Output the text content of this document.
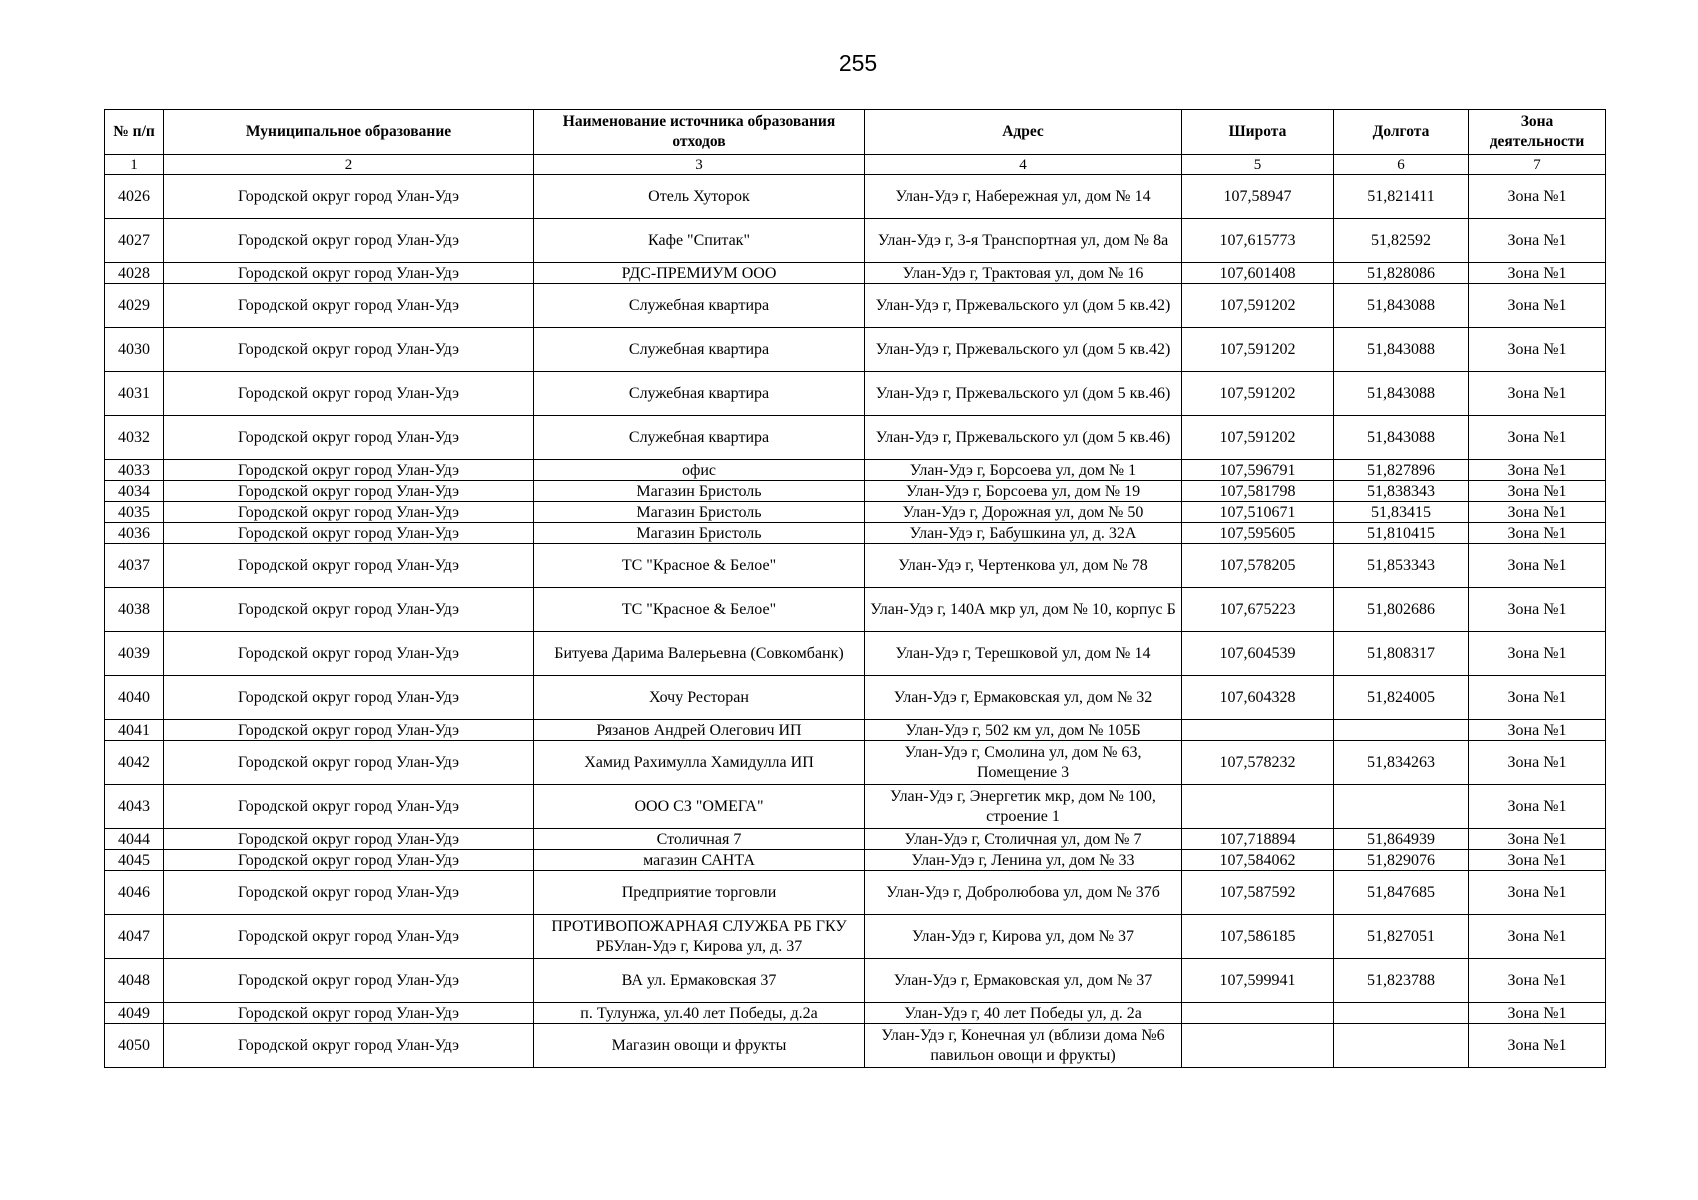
255
№ п/п	Муниципальное образование	Наименование источника образования отходов	Адрес	Широта	Долгота	Зона деятельности
1	2	3	4	5	6	7
4026	Городской округ город Улан-Удэ	Отель Хуторок	Улан-Удэ г, Набережная ул, дом № 14	107,58947	51,821411	Зона №1
4027	Городской округ город Улан-Удэ	Кафе "Спитак"	Улан-Удэ г, 3-я Транспортная ул, дом № 8а	107,615773	51,82592	Зона №1
4028	Городской округ город Улан-Удэ	РДС-ПРЕМИУМ ООО	Улан-Удэ г, Трактовая ул, дом № 16	107,601408	51,828086	Зона №1
4029	Городской округ город Улан-Удэ	Служебная квартира	Улан-Удэ г, Пржевальского ул (дом 5 кв.42)	107,591202	51,843088	Зона №1
4030	Городской округ город Улан-Удэ	Служебная квартира	Улан-Удэ г, Пржевальского ул (дом 5 кв.42)	107,591202	51,843088	Зона №1
4031	Городской округ город Улан-Удэ	Служебная квартира	Улан-Удэ г, Пржевальского ул (дом 5 кв.46)	107,591202	51,843088	Зона №1
4032	Городской округ город Улан-Удэ	Служебная квартира	Улан-Удэ г, Пржевальского ул (дом 5 кв.46)	107,591202	51,843088	Зона №1
4033	Городской округ город Улан-Удэ	офис	Улан-Удэ г, Борсоева ул, дом № 1	107,596791	51,827896	Зона №1
4034	Городской округ город Улан-Удэ	Магазин Бристоль	Улан-Удэ г, Борсоева ул, дом № 19	107,581798	51,838343	Зона №1
4035	Городской округ город Улан-Удэ	Магазин Бристоль	Улан-Удэ г, Дорожная ул, дом № 50	107,510671	51,83415	Зона №1
4036	Городской округ город Улан-Удэ	Магазин Бристоль	Улан-Удэ г, Бабушкина ул, д. 32А	107,595605	51,810415	Зона №1
4037	Городской округ город Улан-Удэ	ТС "Красное & Белое"	Улан-Удэ г, Чертенкова ул, дом № 78	107,578205	51,853343	Зона №1
4038	Городской округ город Улан-Удэ	ТС "Красное & Белое"	Улан-Удэ г, 140А мкр ул, дом № 10, корпус Б	107,675223	51,802686	Зона №1
4039	Городской округ город Улан-Удэ	Битуева Дарима Валерьевна (Совкомбанк)	Улан-Удэ г, Терешковой ул, дом № 14	107,604539	51,808317	Зона №1
4040	Городской округ город Улан-Удэ	Хочу Ресторан	Улан-Удэ г, Ермаковская ул, дом № 32	107,604328	51,824005	Зона №1
4041	Городской округ город Улан-Удэ	Рязанов Андрей Олегович ИП	Улан-Удэ г, 502 км ул, дом № 105Б			Зона №1
4042	Городской округ город Улан-Удэ	Хамид Рахимулла Хамидулла ИП	Улан-Удэ г, Смолина ул, дом № 63, Помещение 3	107,578232	51,834263	Зона №1
4043	Городской округ город Улан-Удэ	ООО СЗ "ОМЕГА"	Улан-Удэ г, Энергетик мкр, дом № 100, строение 1			Зона №1
4044	Городской округ город Улан-Удэ	Столичная 7	Улан-Удэ г, Столичная ул, дом № 7	107,718894	51,864939	Зона №1
4045	Городской округ город Улан-Удэ	магазин САНТА	Улан-Удэ г, Ленина ул, дом № 33	107,584062	51,829076	Зона №1
4046	Городской округ город Улан-Удэ	Предприятие торговли	Улан-Удэ г, Добролюбова ул, дом № 37б	107,587592	51,847685	Зона №1
4047	Городской округ город Улан-Удэ	ПРОТИВОПОЖАРНАЯ СЛУЖБА РБ ГКУ РБУлан-Удэ г, Кирова ул, д. 37	Улан-Удэ г, Кирова ул, дом № 37	107,586185	51,827051	Зона №1
4048	Городской округ город Улан-Удэ	ВА ул. Ермаковская 37	Улан-Удэ г, Ермаковская ул, дом № 37	107,599941	51,823788	Зона №1
4049	Городской округ город Улан-Удэ	п. Тулунжа, ул.40 лет Победы, д.2а	Улан-Удэ г, 40 лет Победы ул, д. 2а			Зона №1
4050	Городской округ город Улан-Удэ	Магазин овощи и фрукты	Улан-Удэ г, Конечная ул (вблизи дома №6 павильон овощи и фрукты)			Зона №1
